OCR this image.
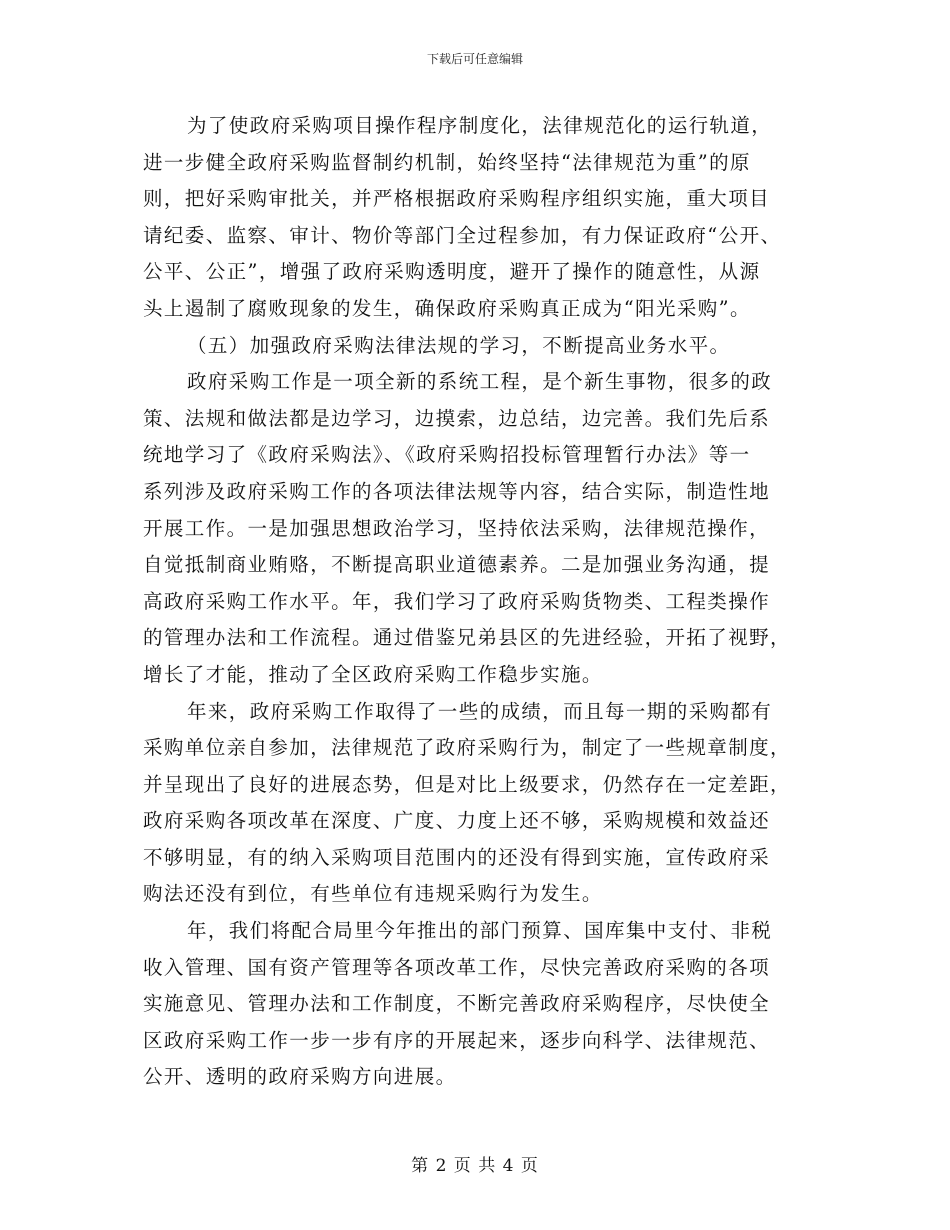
下载后可任意编辑
为了使政府采购项目操作程序制度化，法律规范化的运行轨道，
进一步健全政府采购监督制约机制，始终坚持“法律规范为重”的原
则，把好采购审批关，并严格根据政府采购程序组织实施，重大项目
请纪委、监察、审计、物价等部门全过程参加，有力保证政府“公开、
公平、公正”，增强了政府采购透明度，避开了操作的随意性，从源
头上遏制了腐败现象的发生，确保政府采购真正成为“阳光采购”。
（五）加强政府采购法律法规的学习，不断提高业务水平。
政府采购工作是一项全新的系统工程，是个新生事物，很多的政
策、法规和做法都是边学习，边摸索，边总结，边完善。我们先后系
统地学习了《政府采购法》、《政府采购招投标管理暂行办法》等一
系列涉及政府采购工作的各项法律法规等内容，结合实际，制造性地
开展工作。一是加强思想政治学习，坚持依法采购，法律规范操作，
自觉抵制商业贿赂，不断提高职业道德素养。二是加强业务沟通，提
高政府采购工作水平。年，我们学习了政府采购货物类、工程类操作
的管理办法和工作流程。通过借鉴兄弟县区的先进经验，开拓了视野，
增长了才能，推动了全区政府采购工作稳步实施。
年来，政府采购工作取得了一些的成绩，而且每一期的采购都有
采购单位亲自参加，法律规范了政府采购行为，制定了一些规章制度，
并呈现出了良好的进展态势，但是对比上级要求，仍然存在一定差距，
政府采购各项改革在深度、广度、力度上还不够，采购规模和效益还
不够明显，有的纳入采购项目范围内的还没有得到实施，宣传政府采
购法还没有到位，有些单位有违规采购行为发生。
年，我们将配合局里今年推出的部门预算、国库集中支付、非税
收入管理、国有资产管理等各项改革工作，尽快完善政府采购的各项
实施意见、管理办法和工作制度，不断完善政府采购程序，尽快使全
区政府采购工作一步一步有序的开展起来，逐步向科学、法律规范、
公开、透明的政府采购方向进展。
第 2 页 共 4 页
